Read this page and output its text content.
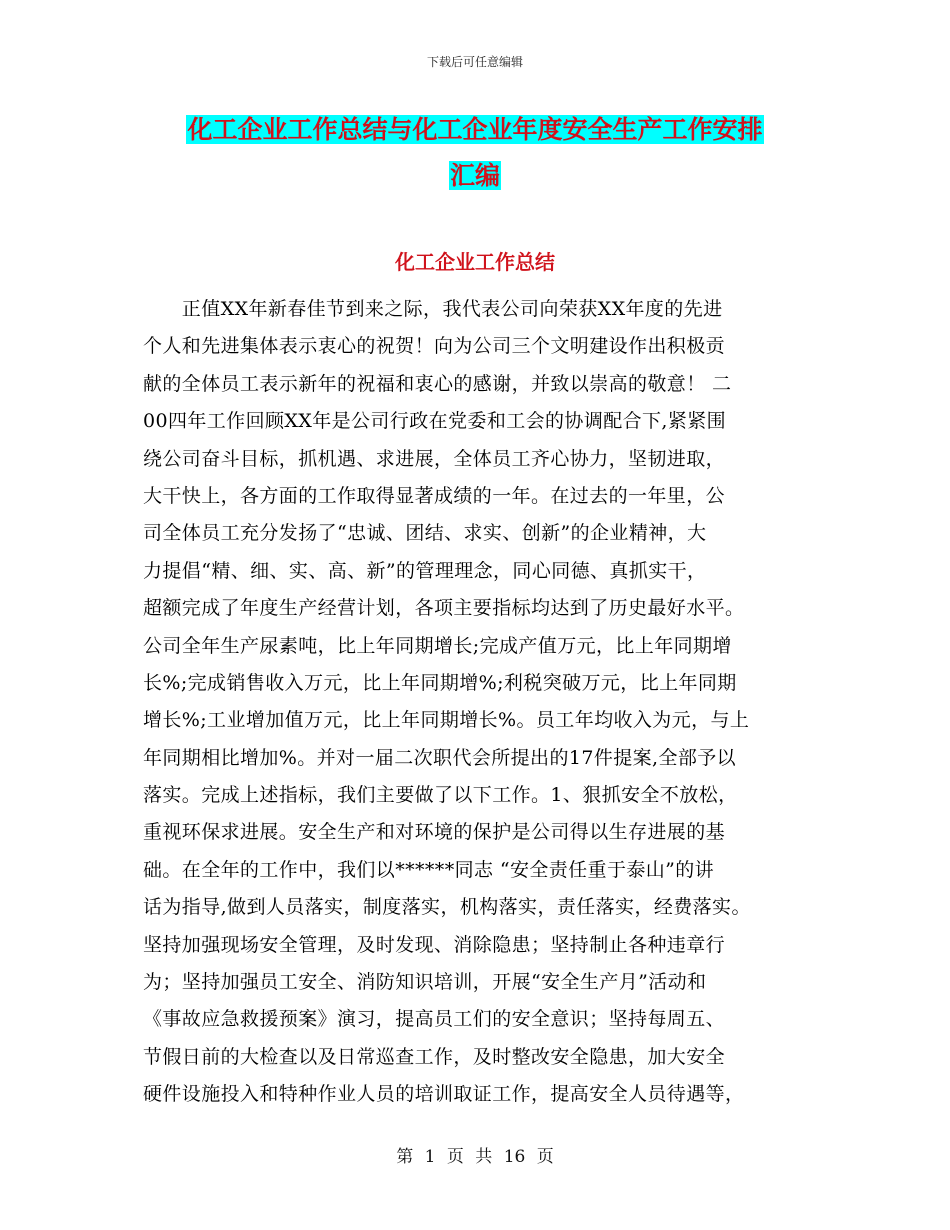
下载后可任意编辑
化工企业工作总结与化工企业年度安全生产工作安排
汇编
化工企业工作总结
　　正值XX年新春佳节到来之际，我代表公司向荣获XX年度的先进
个人和先进集体表示衷心的祝贺！向为公司三个文明建设作出积极贡
献的全体员工表示新年的祝福和衷心的感谢，并致以崇高的敬意！ 二
00四年工作回顾XX年是公司行政在党委和工会的协调配合下,紧紧围
绕公司奋斗目标，抓机遇、求进展，全体员工齐心协力，坚韧进取，
大干快上，各方面的工作取得显著成绩的一年。在过去的一年里，公
司全体员工充分发扬了“忠诚、团结、求实、创新”的企业精神，大
力提倡“精、细、实、高、新”的管理理念，同心同德、真抓实干，
超额完成了年度生产经营计划，各项主要指标均达到了历史最好水平。
公司全年生产尿素吨，比上年同期增长;完成产值万元，比上年同期增
长%;完成销售收入万元，比上年同期增%;利税突破万元，比上年同期
增长%;工业增加值万元，比上年同期增长%。员工年均收入为元，与上
年同期相比增加%。并对一届二次职代会所提出的17件提案,全部予以
落实。完成上述指标，我们主要做了以下工作。1、狠抓安全不放松，
重视环保求进展。安全生产和对环境的保护是公司得以生存进展的基
础。在全年的工作中，我们以******同志 “安全责任重于泰山”的讲
话为指导,做到人员落实，制度落实，机构落实，责任落实，经费落实。
坚持加强现场安全管理，及时发现、消除隐患；坚持制止各种违章行
为；坚持加强员工安全、消防知识培训，开展“安全生产月”活动和
《事故应急救援预案》演习，提高员工们的安全意识；坚持每周五、
节假日前的大检查以及日常巡查工作，及时整改安全隐患，加大安全
硬件设施投入和特种作业人员的培训取证工作，提高安全人员待遇等，
第 1 页 共 16 页
